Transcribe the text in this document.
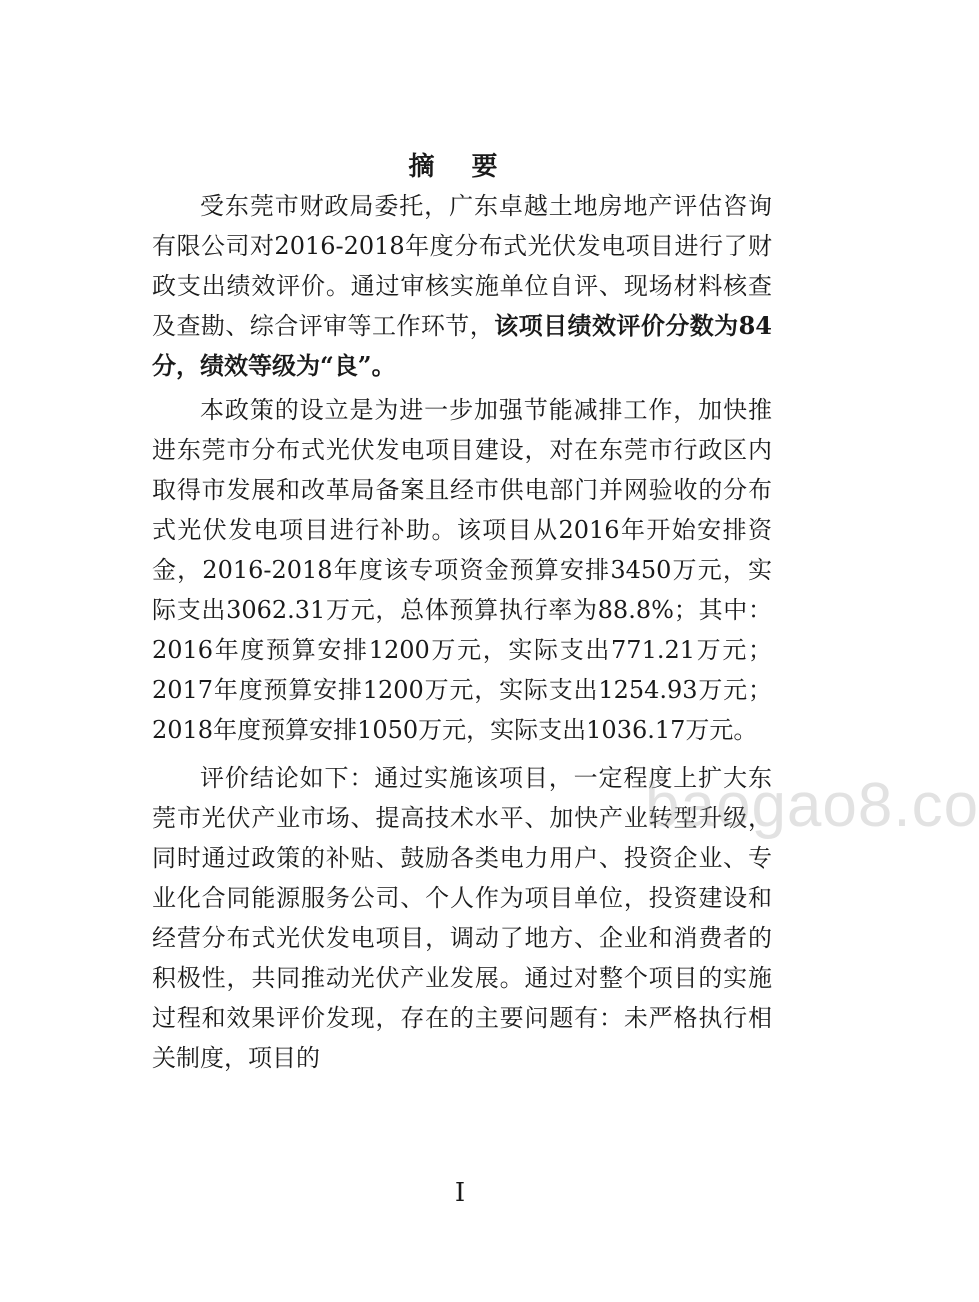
摘 要

受东莞市财政局委托，广东卓越土地房地产评估咨询有限公司对2016-2018年度分布式光伏发电项目进行了财政支出绩效评价。通过审核实施单位自评、现场材料核查及查勘、综合评审等工作环节，该项目绩效评价分数为84分，绩效等级为“良”。

本政策的设立是为进一步加强节能减排工作，加快推进东莞市分布式光伏发电项目建设，对在东莞市行政区内取得市发展和改革局备案且经市供电部门并网验收的分布式光伏发电项目进行补助。该项目从2016年开始安排资金，2016-2018年度该专项资金预算安排3450万元，实际支出3062.31万元，总体预算执行率为88.8%；其中：2016年度预算安排1200万元，实际支出771.21万元；2017年度预算安排1200万元，实际支出1254.93万元；2018年度预算安排1050万元，实际支出1036.17万元。

评价结论如下：通过实施该项目，一定程度上扩大东莞市光伏产业市场、提高技术水平、加快产业转型升级，同时通过政策的补贴、鼓励各类电力用户、投资企业、专业化合同能源服务公司、个人作为项目单位，投资建设和经营分布式光伏发电项目，调动了地方、企业和消费者的积极性，共同推动光伏产业发展。通过对整个项目的实施过程和效果评价发现，存在的主要问题有：未严格执行相关制度，项目的

baogao8.co
I
